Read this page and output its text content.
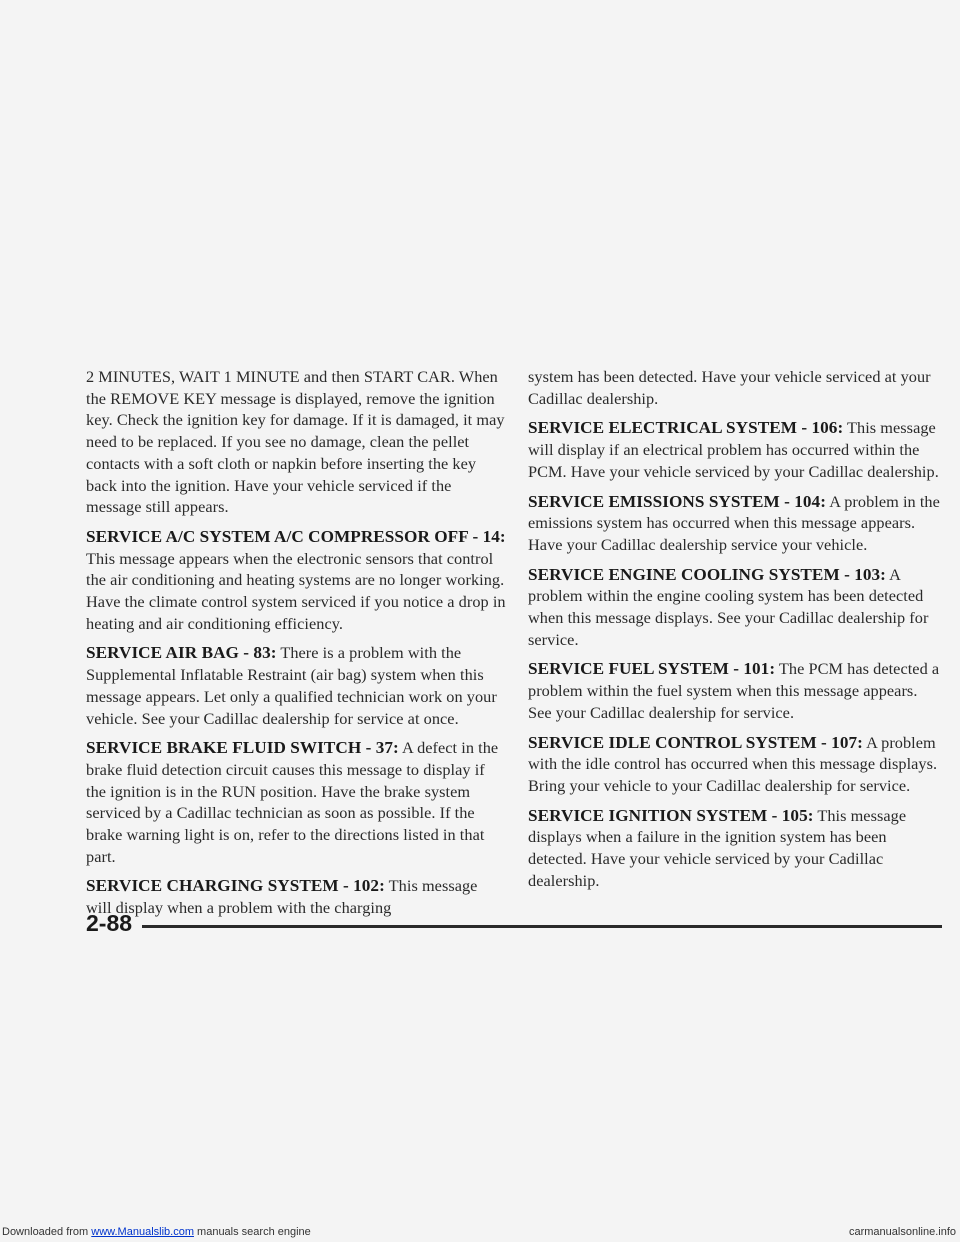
2 MINUTES, WAIT 1 MINUTE and then START CAR. When the REMOVE KEY message is displayed, remove the ignition key. Check the ignition key for damage. If it is damaged, it may need to be replaced. If you see no damage, clean the pellet contacts with a soft cloth or napkin before inserting the key back into the ignition. Have your vehicle serviced if the message still appears.

SERVICE A/C SYSTEM A/C COMPRESSOR OFF - 14: This message appears when the electronic sensors that control the air conditioning and heating systems are no longer working. Have the climate control system serviced if you notice a drop in heating and air conditioning efficiency.

SERVICE AIR BAG - 83: There is a problem with the Supplemental Inflatable Restraint (air bag) system when this message appears. Let only a qualified technician work on your vehicle. See your Cadillac dealership for service at once.

SERVICE BRAKE FLUID SWITCH - 37: A defect in the brake fluid detection circuit causes this message to display if the ignition is in the RUN position. Have the brake system serviced by a Cadillac technician as soon as possible. If the brake warning light is on, refer to the directions listed in that part.

SERVICE CHARGING SYSTEM - 102: This message will display when a problem with the charging

system has been detected. Have your vehicle serviced at your Cadillac dealership.

SERVICE ELECTRICAL SYSTEM - 106: This message will display if an electrical problem has occurred within the PCM. Have your vehicle serviced by your Cadillac dealership.

SERVICE EMISSIONS SYSTEM - 104: A problem in the emissions system has occurred when this message appears. Have your Cadillac dealership service your vehicle.

SERVICE ENGINE COOLING SYSTEM - 103: A problem within the engine cooling system has been detected when this message displays. See your Cadillac dealership for service.

SERVICE FUEL SYSTEM - 101: The PCM has detected a problem within the fuel system when this message appears. See your Cadillac dealership for service.

SERVICE IDLE CONTROL SYSTEM - 107: A problem with the idle control has occurred when this message displays. Bring your vehicle to your Cadillac dealership for service.

SERVICE IGNITION SYSTEM - 105: This message displays when a failure in the ignition system has been detected. Have your vehicle serviced by your Cadillac dealership.

2-88
Downloaded from www.Manualslib.com manuals search engine	carmanualsonline.info
